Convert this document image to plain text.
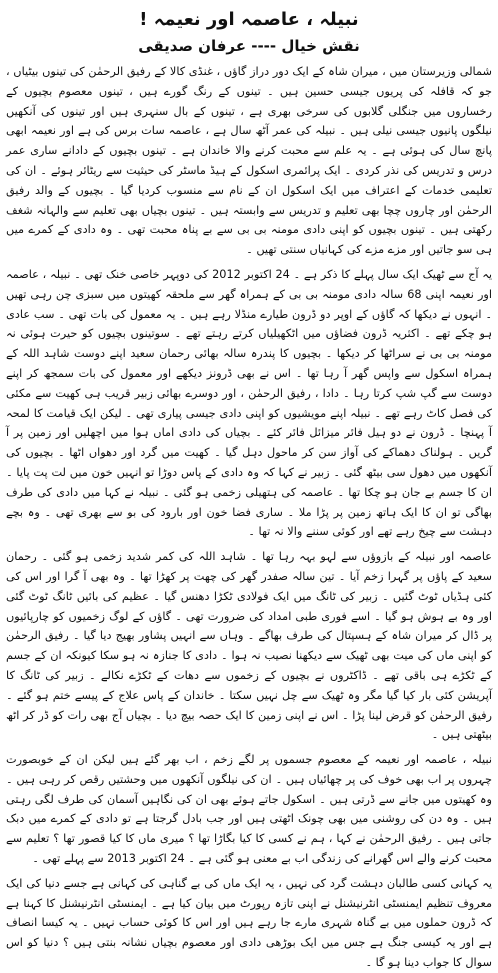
نبیلہ ، عاصمہ اور نعیمہ !
نقش خیال ---- عرفان صدیقی

شمالی وزیرستان میں ، میران شاہ کے ایک دور دراز گاؤں ، غنڈی کالا کے رفیق الرحمٰن کی تینوں بیٹیاں ، جو کہ قافلہ کی پریوں جیسی حسین ہیں ۔ تینوں کے رنگ گورے ہیں ، تینوں معصوم بچیوں کے رخساروں میں جنگلی گلابوں کی سرخی بھری ہے ، تینوں کے بال سنہری ہیں اور تینوں کی آنکھیں نیلگوں پانیوں جیسی نیلی ہیں ۔ نبیلہ کی عمر آٹھ سال ہے ، عاصمہ سات برس کی ہے اور نعیمہ ابھی پانچ سال کی ہوئی ہے ۔ یہ علم سے محبت کرنے والا خاندان ہے ۔ تینوں بچیوں کے دادانے ساری عمر درس و تدریس کی نذر کردی ۔ ایک پرائمری اسکول کے ہیڈ ماسٹر کی حیثیت سے ریٹائر ہوئے ۔ ان کی تعلیمی خدمات کے اعتراف میں ایک اسکول ان کے نام سے منسوب کردیا گیا ۔ بچیوں کے والد رفیق الرحمٰن اور چاروں چچا بھی تعلیم و تدریس سے وابستہ ہیں ۔ تینوں بچیاں بھی تعلیم سے والہانہ شغف رکھتی ہیں ۔ تینوں بچیوں کو اپنی دادی مومنہ بی بی سے بے پناہ محبت تھی ۔ وہ دادی کے کمرے میں ہی سو جاتیں اور مزے مزے کی کہانیاں سنتی تھیں ۔

یہ آج سے ٹھیک ایک سال پہلے کا ذکر ہے ۔ 24 اکتوبر 2012 کی دوپہر خاصی خنک تھی ۔ نبیلہ ، عاصمہ اور نعیمہ اپنی 68 سالہ دادی مومنہ بی بی کے ہمراہ گھر سے ملحقہ کھیتوں میں سبزی چن رہی تھیں ۔ انہوں نے دیکھا کہ گاؤں کے اوپر دو ڈرون طیارے منڈلا رہے ہیں ۔ یہ معمول کی بات تھی ۔ سب عادی ہو چکے تھے ۔ اکثریہ ڈرون فضاؤں میں اٹکھیلیاں کرتے رہتے تھے ۔ سوتینوں بچیوں کو حیرت ہوئی نہ مومنہ بی بی نے سراٹھا کر دیکھا ۔ بچیوں کا پندرہ سالہ بھائی رحمان سعید اپنے دوست شاہد اللہ کے ہمراہ اسکول سے واپس گھر آ رہا تھا ۔ اس نے بھی ڈرونز دیکھے اور معمول کی بات سمجھ کر اپنے دوست سے گپ شپ کرتا رہا ۔ دادا ، رفیق الرحمٰن ، اور دوسرے بھائی زبیر قریب ہی کھیت سے مکئی کی فصل کاٹ رہے تھے ۔ نبیلہ اپنے مویشیوں کو اپنی دادی جیسی پیاری تھی ۔ لیکن ایک قیامت کا لمحہ آ پہنچا ۔ ڈرون نے دو ہیل فائر میزائل فائر کئے ۔ بچیاں کی دادی اماں ہوا میں اچھلیں اور زمین پر آ گریں ۔ ہولناک دھماکے کی آواز سن کر ماحول دہل گیا ۔ کھیت میں گرد اور دھواں اٹھا ۔ بچیوں کی آنکھوں میں دھول سی بیٹھ گئی ۔ زبیر نے کہا کہ وہ دادی کے پاس دوڑا تو انہیں خون میں لت پت پایا ۔ ان کا جسم بے جان ہو چکا تھا ۔ عاصمہ کی ہتھیلی زخمی ہو گئی ۔ نبیلہ نے کہا میں دادی کی طرف بھاگی تو ان کا ایک ہاتھ زمین پر پڑا ملا ۔ ساری فضا خون اور بارود کی بو سے بھری تھی ۔ وہ بچے دہشت سے چیخ رہے تھے اور کوئی سننے والا نہ تھا ۔

عاصمہ اور نبیلہ کے بازوؤں سے لہو بہہ رہا تھا ۔ شاہد اللہ کی کمر شدید زخمی ہو گئی ۔ رحمان سعید کے پاؤں پر گہرا زخم آیا ۔ تین سالہ صفدر گھر کی چھت پر کھڑا تھا ۔ وہ بھی آ گرا اور اس کی کئی ہڈیاں ٹوٹ گئیں ۔ زبیر کی ٹانگ میں ایک فولادی ٹکڑا دھنس گیا ۔ عظیم کی بائیں ٹانگ ٹوٹ گئی اور وہ بے ہوش ہو گیا ۔ اسے فوری طبی امداد کی ضرورت تھی ۔ گاؤں کے لوگ زخمیوں کو چارپائیوں پر ڈال کر میران شاہ کے ہسپتال کی طرف بھاگے ۔ وہاں سے انہیں پشاور بھیج دیا گیا ۔ رفیق الرحمٰن کو اپنی ماں کی میت بھی ٹھیک سے دیکھنا نصیب نہ ہوا ۔ دادی کا جنازہ نہ ہو سکا کیونکہ ان کے جسم کے ٹکڑے ہی باقی تھے ۔ ڈاکٹروں نے بچیوں کے زخموں سے دھات کے ٹکڑے نکالے ۔ زبیر کی ٹانگ کا آپریشن کئی بار کیا گیا مگر وہ ٹھیک سے چل نہیں سکتا ۔ خاندان کے پاس علاج کے پیسے ختم ہو گئے ۔ رفیق الرحمٰن کو قرض لینا پڑا ۔ اس نے اپنی زمین کا ایک حصہ بیچ دیا ۔ بچیاں آج بھی رات کو ڈر کر اٹھ بیٹھتی ہیں ۔

نبیلہ ، عاصمہ اور نعیمہ کے معصوم جسموں پر لگے زخم ، اب بھر گئے ہیں لیکن ان کے خوبصورت چہروں پر اب بھی خوف کی پر چھائیاں ہیں ۔ ان کی نیلگوں آنکھوں میں وحشتیں رقص کر رہی ہیں ۔ وہ کھیتوں میں جانے سے ڈرتی ہیں ۔ اسکول جاتے ہوئے بھی ان کی نگاہیں آسمان کی طرف لگی رہتی ہیں ۔ وہ دن کی روشنی میں بھی چونک اٹھتی ہیں اور جب بادل گرجتا ہے تو دادی کے کمرے میں دبک جاتی ہیں ۔ رفیق الرحمٰن نے کہا ، ہم نے کسی کا کیا بگاڑا تھا ؟ میری ماں کا کیا قصور تھا ؟ تعلیم سے محبت کرنے والے اس گھرانے کی زندگی اب بے معنی ہو گئی ہے ۔ 24 اکتوبر 2013 سے پہلے تھی ۔

یہ کہانی کسی طالبان دہشت گرد کی نہیں ، یہ ایک ماں کی بے گناہی کی کہانی ہے جسے دنیا کی ایک معروف تنظیم ایمنسٹی انٹرنیشنل نے اپنی تازہ رپورٹ میں بیان کیا ہے ۔ ایمنسٹی انٹرنیشنل کا کہنا ہے کہ ڈرون حملوں میں بے گناہ شہری مارے جا رہے ہیں اور اس کا کوئی حساب نہیں ۔ یہ کیسا انصاف ہے اور یہ کیسی جنگ ہے جس میں ایک بوڑھی دادی اور معصوم بچیاں نشانہ بنتی ہیں ؟ دنیا کو اس سوال کا جواب دینا ہو گا ۔
